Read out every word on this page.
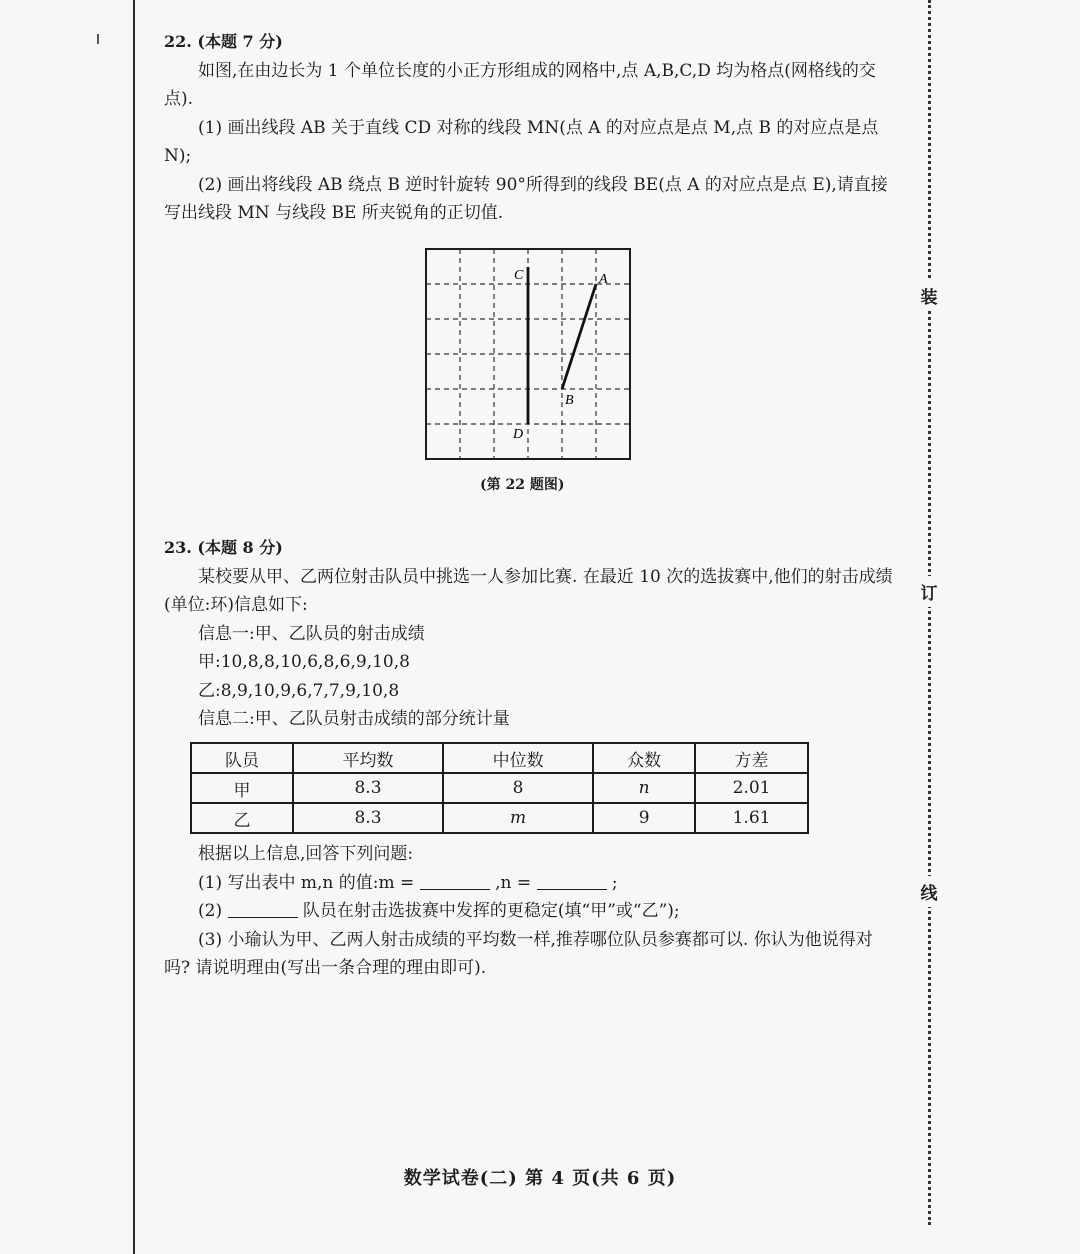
装
订
线
22. (本题 7 分)

如图,在由边长为 1 个单位长度的小正方形组成的网格中,点 A,B,C,D 均为格点(网格线的交点).

(1) 画出线段 AB 关于直线 CD 对称的线段 MN(点 A 的对应点是点 M,点 B 的对应点是点 N);

(2) 画出将线段 AB 绕点 B 逆时针旋转 90°所得到的线段 BE(点 A 的对应点是点 E),请直接写出线段 MN 与线段 BE 所夹锐角的正切值.

C	A
B
D
(第 22 题图)
23. (本题 8 分)

某校要从甲、乙两位射击队员中挑选一人参加比赛. 在最近 10 次的选拔赛中,他们的射击成绩(单位:环)信息如下:

信息一:甲、乙队员的射击成绩

甲:10,8,8,10,6,8,6,9,10,8

乙:8,9,10,9,6,7,7,9,10,8

信息二:甲、乙队员射击成绩的部分统计量

队员	平均数	中位数	众数	方差
甲	8.3	8	n	2.01
乙	8.3	m	9	1.61

根据以上信息,回答下列问题:

(1) 写出表中 m,n 的值:m =	,n =	;

(2)	队员在射击选拔赛中发挥的更稳定(填“甲”或“乙”);

(3) 小瑜认为甲、乙两人射击成绩的平均数一样,推荐哪位队员参赛都可以. 你认为他说得对吗? 请说明理由(写出一条合理的理由即可).

数学试卷(二) 第 4 页(共 6 页)
